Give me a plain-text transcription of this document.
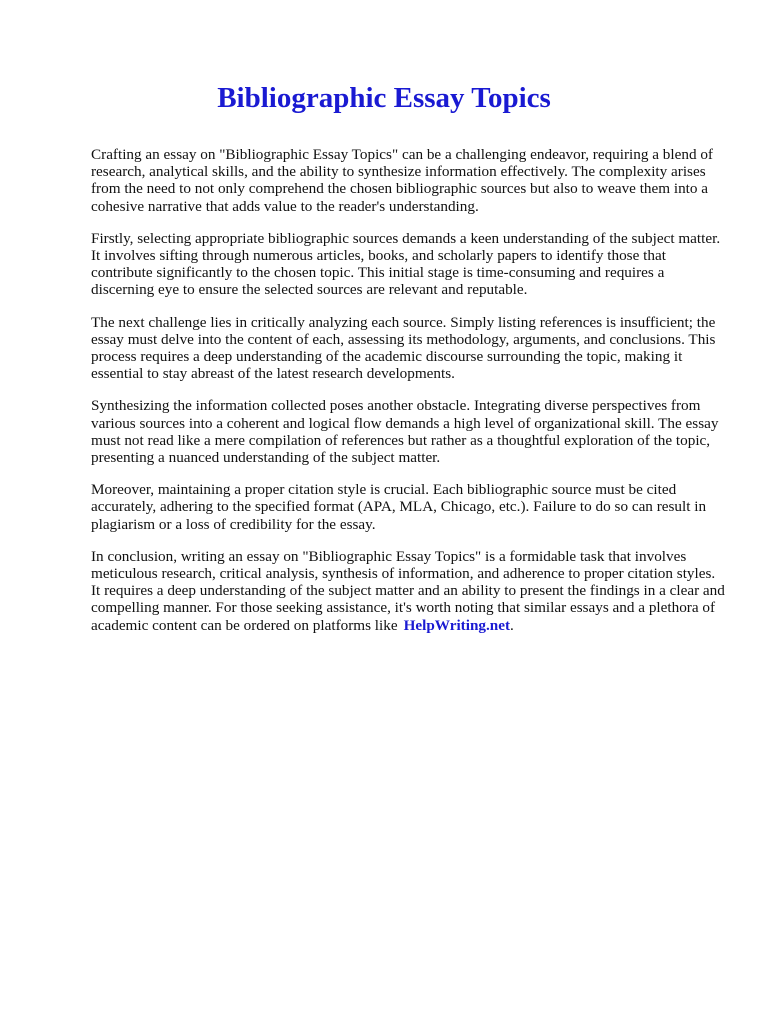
Bibliographic Essay Topics

Crafting an essay on "Bibliographic Essay Topics" can be a challenging endeavor, requiring a blend of research, analytical skills, and the ability to synthesize information effectively. The complexity arises from the need to not only comprehend the chosen bibliographic sources but also to weave them into a cohesive narrative that adds value to the reader's understanding.

Firstly, selecting appropriate bibliographic sources demands a keen understanding of the subject matter. It involves sifting through numerous articles, books, and scholarly papers to identify those that contribute significantly to the chosen topic. This initial stage is time-consuming and requires a discerning eye to ensure the selected sources are relevant and reputable.

The next challenge lies in critically analyzing each source. Simply listing references is insufficient; the essay must delve into the content of each, assessing its methodology, arguments, and conclusions. This process requires a deep understanding of the academic discourse surrounding the topic, making it essential to stay abreast of the latest research developments.

Synthesizing the information collected poses another obstacle. Integrating diverse perspectives from various sources into a coherent and logical flow demands a high level of organizational skill. The essay must not read like a mere compilation of references but rather as a thoughtful exploration of the topic, presenting a nuanced understanding of the subject matter.

Moreover, maintaining a proper citation style is crucial. Each bibliographic source must be cited accurately, adhering to the specified format (APA, MLA, Chicago, etc.). Failure to do so can result in plagiarism or a loss of credibility for the essay.

In conclusion, writing an essay on "Bibliographic Essay Topics" is a formidable task that involves meticulous research, critical analysis, synthesis of information, and adherence to proper citation styles. It requires a deep understanding of the subject matter and an ability to present the findings in a clear and compelling manner. For those seeking assistance, it's worth noting that similar essays and a plethora of academic content can be ordered on platforms like HelpWriting.net.
